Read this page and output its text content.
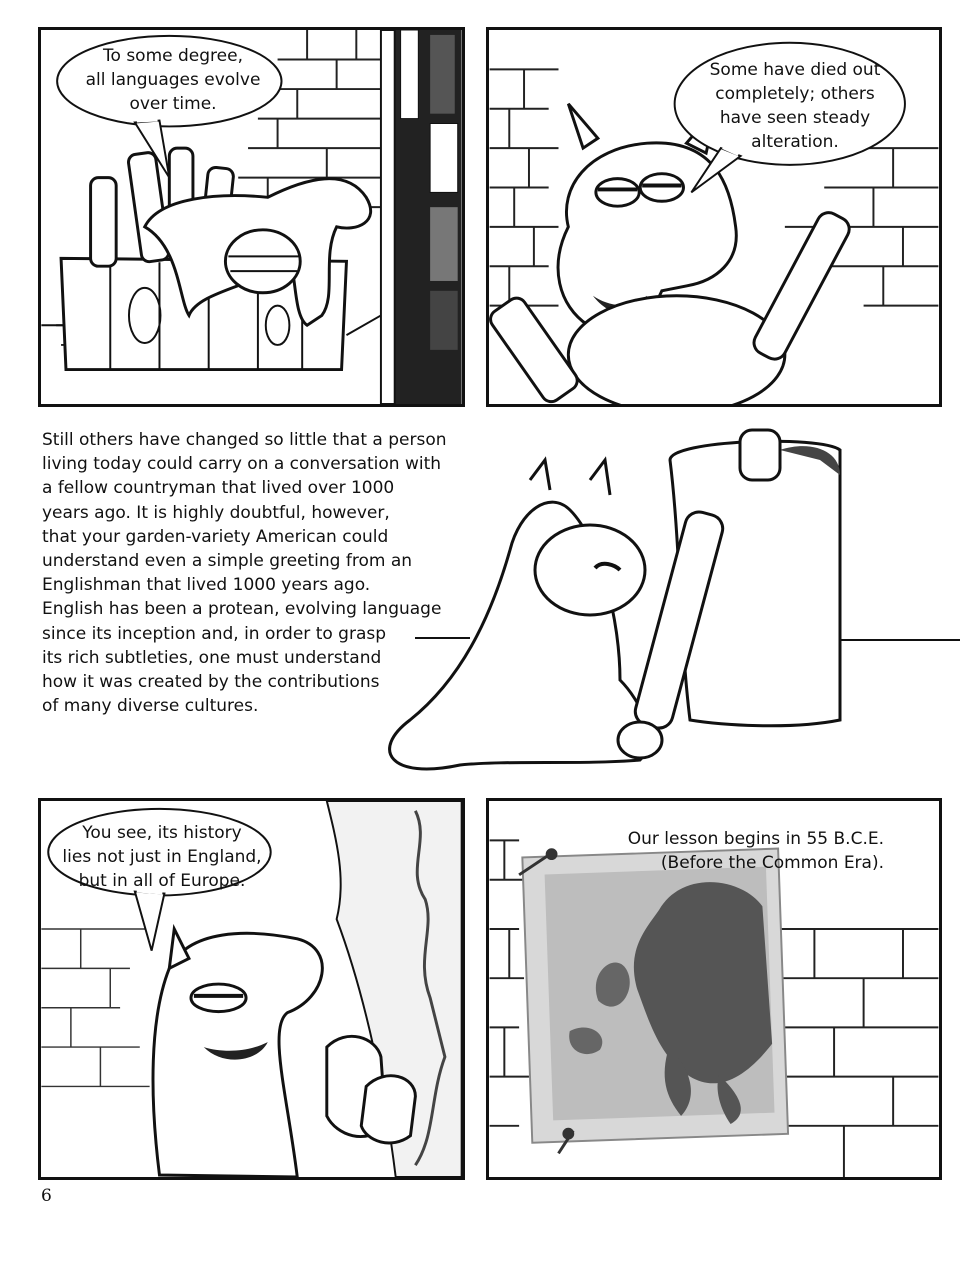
To some degree,
all languages evolve
over time.
Some have died out
completely; others
have seen steady
alteration.
Still others have changed so little that a person
living today could carry on a conversation with
a fellow countryman that lived over 1000
years ago. It is highly doubtful, however,
that your garden-variety American could
understand even a simple greeting from an
Englishman that lived 1000 years ago.
English has been a protean, evolving language
since its inception and, in order to grasp
its rich subtleties, one must understand
how it was created by the contributions
of many diverse cultures.
You see, its history
lies not just in England,
but in all of Europe.
Our lesson begins in 55 B.C.E.
(Before the Common Era).
6
